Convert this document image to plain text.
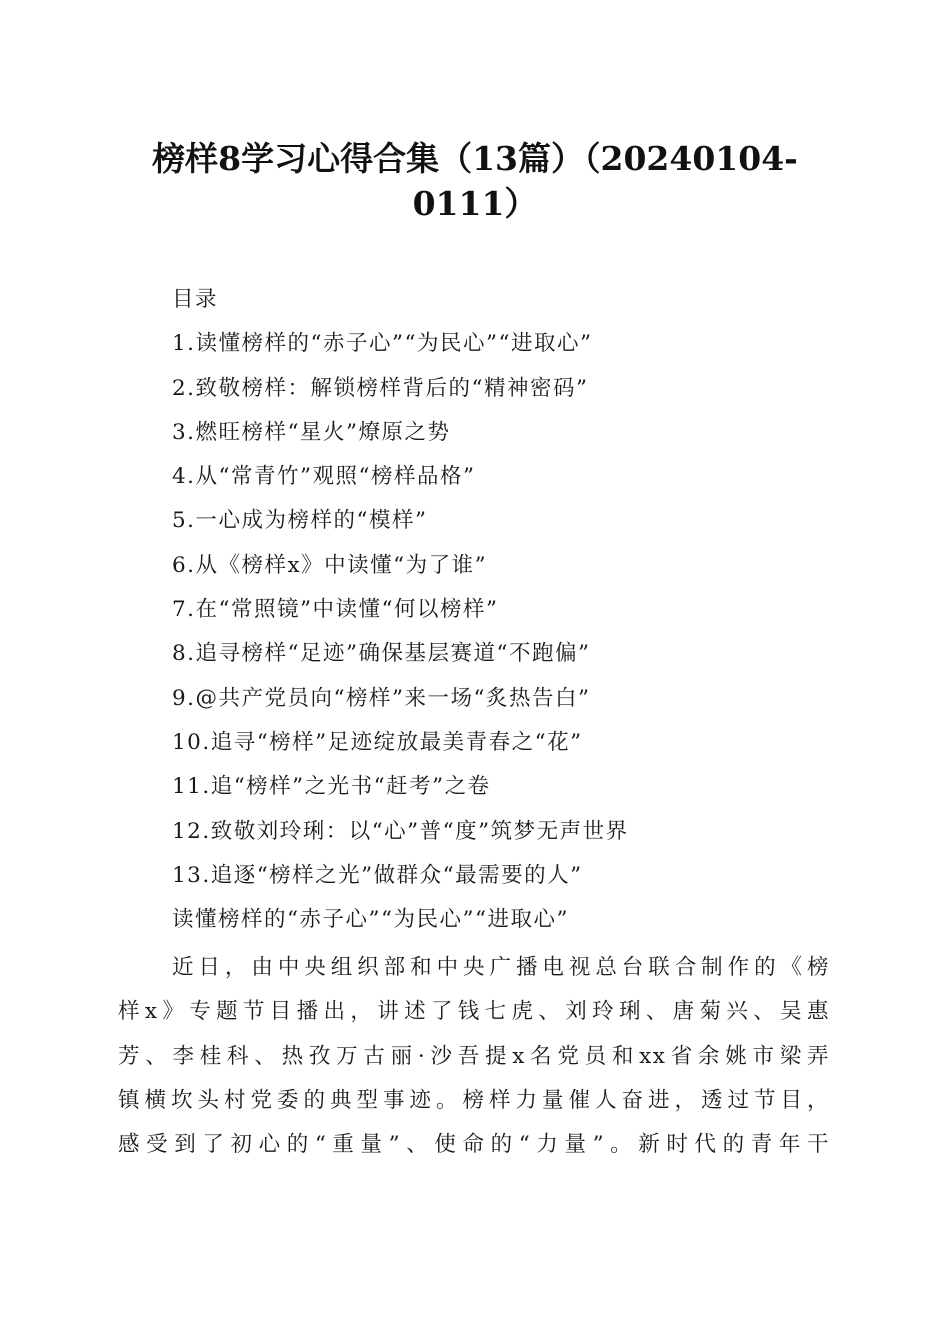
榜样8学习心得合集（13篇）（20240104-
0111）
目录
1.读懂榜样的“赤子心”“为民心”“进取心”
2.致敬榜样：解锁榜样背后的“精神密码”
3.燃旺榜样“星火”燎原之势
4.从“常青竹”观照“榜样品格”
5.一心成为榜样的“模样”
6.从《榜样x》中读懂“为了谁”
7.在“常照镜”中读懂“何以榜样”
8.追寻榜样“足迹”确保基层赛道“不跑偏”
9.@共产党员向“榜样”来一场“炙热告白”
10.追寻“榜样”足迹绽放最美青春之“花”
11.追“榜样”之光书“赶考”之卷
12.致敬刘玲琍：以“心”普“度”筑梦无声世界
13.追逐“榜样之光”做群众“最需要的人”
读懂榜样的“赤子心”“为民心”“进取心”
近日，由中央组织部和中央广播电视总台联合制作的《榜
样x》专题节目播出，讲述了钱七虎、刘玲琍、唐菊兴、吴惠
芳、李桂科、热孜万古丽·沙吾提x名党员和xx省余姚市梁弄
镇横坎头村党委的典型事迹。榜样力量催人奋进，透过节目，
感受到了初心的“重量”、使命的“力量”。新时代的青年干
